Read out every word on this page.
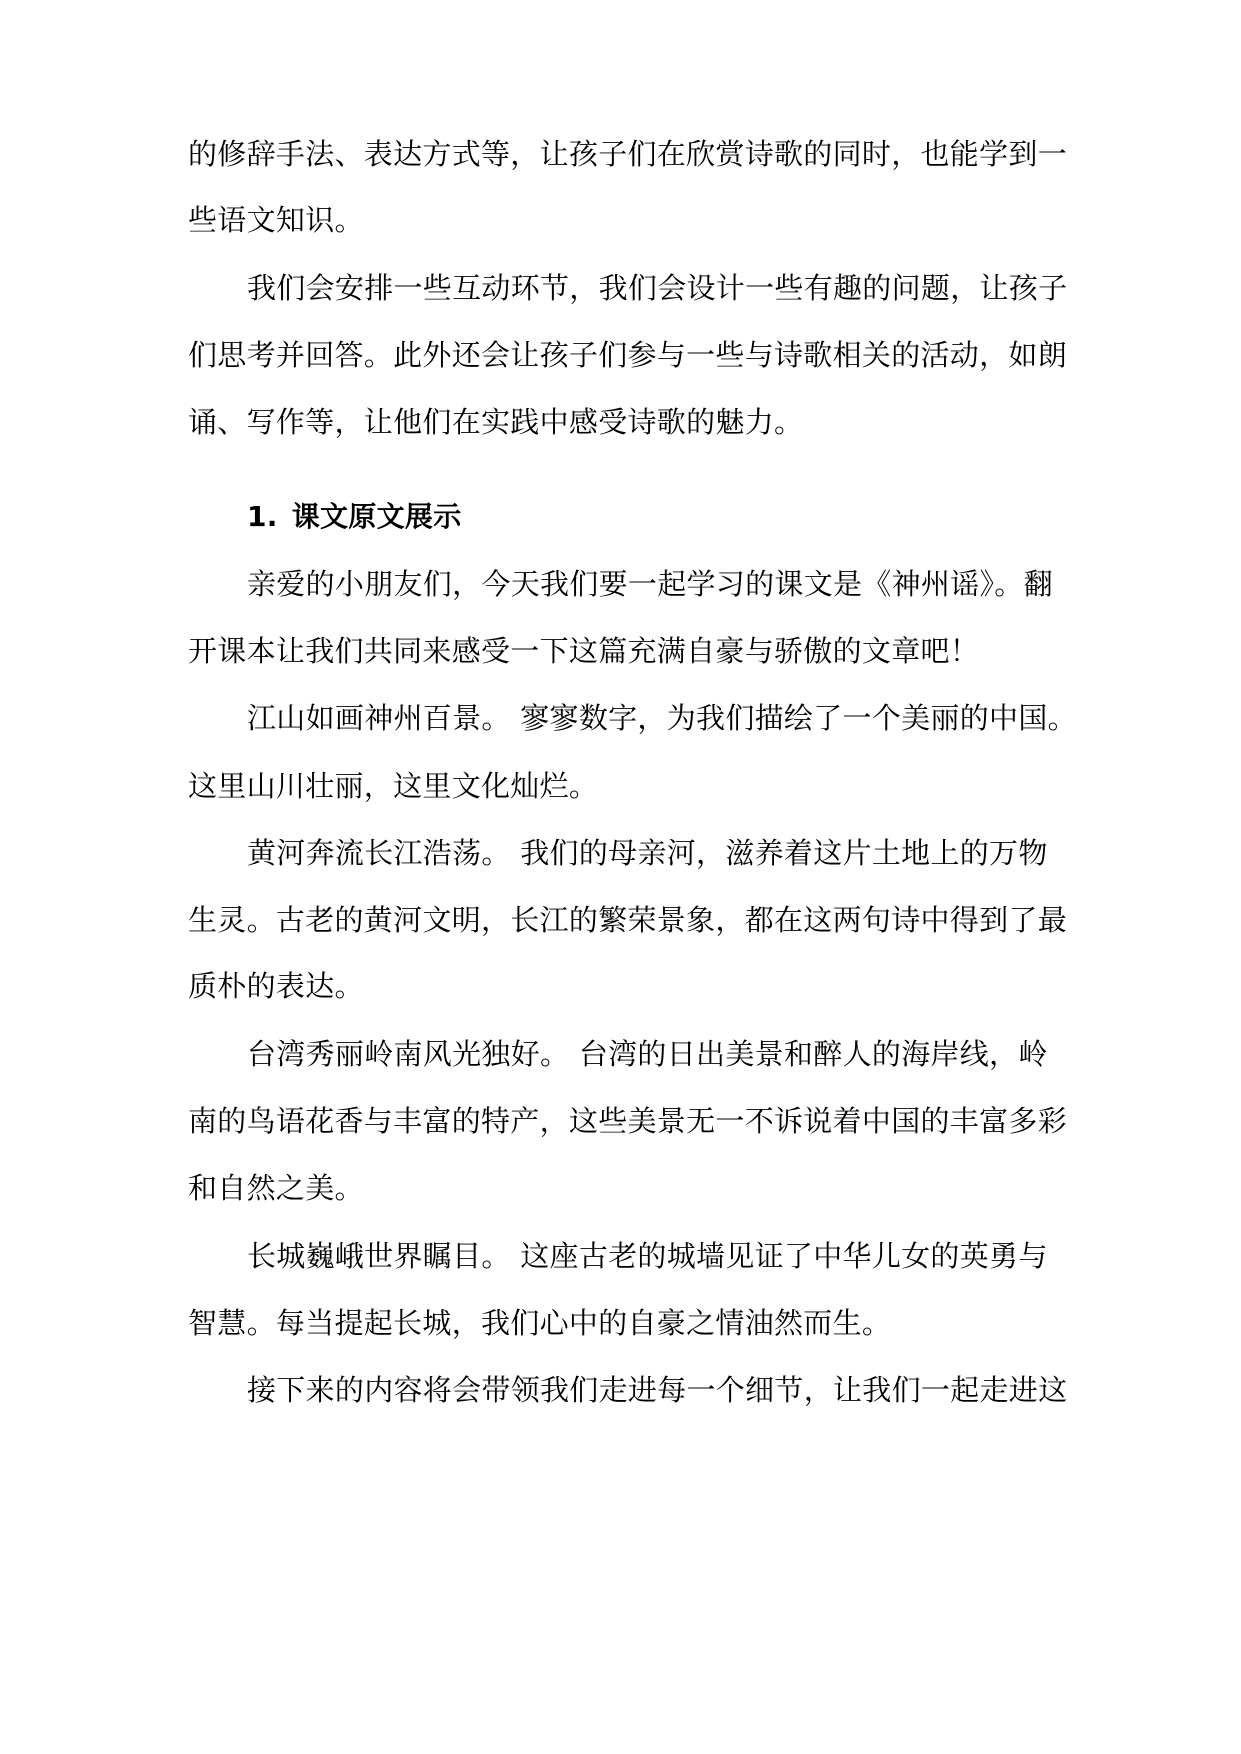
的修辞手法、表达方式等，让孩子们在欣赏诗歌的同时，也能学到一
些语文知识。
我们会安排一些互动环节，我们会设计一些有趣的问题，让孩子
们思考并回答。此外还会让孩子们参与一些与诗歌相关的活动，如朗
诵、写作等，让他们在实践中感受诗歌的魅力。
1. 课文原文展示
亲爱的小朋友们，今天我们要一起学习的课文是《神州谣》。翻
开课本让我们共同来感受一下这篇充满自豪与骄傲的文章吧！
江山如画神州百景。 寥寥数字，为我们描绘了一个美丽的中国。
这里山川壮丽，这里文化灿烂。
黄河奔流长江浩荡。 我们的母亲河，滋养着这片土地上的万物
生灵。古老的黄河文明，长江的繁荣景象，都在这两句诗中得到了最
质朴的表达。
台湾秀丽岭南风光独好。 台湾的日出美景和醉人的海岸线，岭
南的鸟语花香与丰富的特产，这些美景无一不诉说着中国的丰富多彩
和自然之美。
长城巍峨世界瞩目。 这座古老的城墙见证了中华儿女的英勇与
智慧。每当提起长城，我们心中的自豪之情油然而生。
接下来的内容将会带领我们走进每一个细节，让我们一起走进这
